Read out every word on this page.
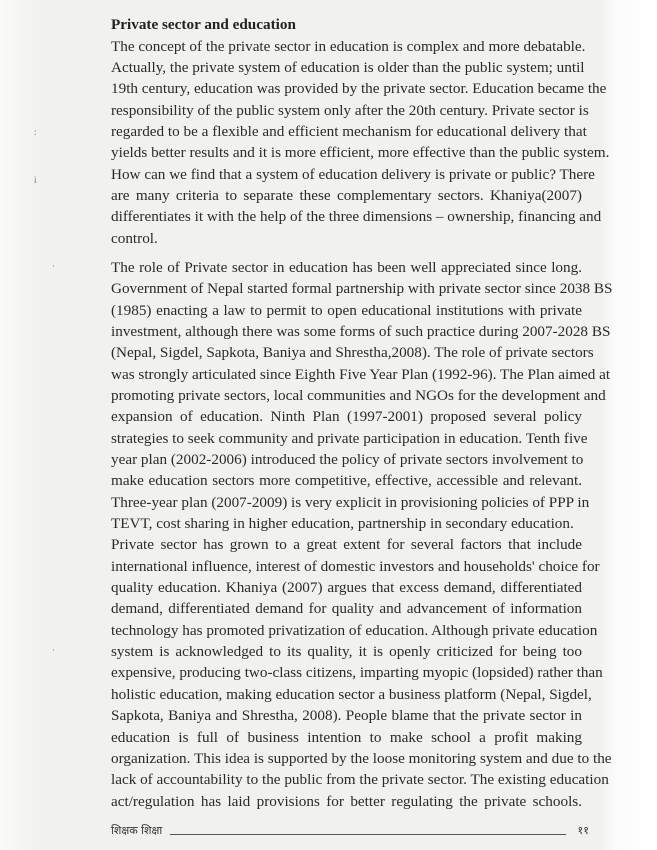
:
i
·
·
Private sector and education

The concept of the private sector in education is complex and more debatable.
Actually, the private system of education is older than the public system; until
19th century, education was provided by the private sector. Education became the
responsibility of the public system only after the 20th century. Private sector is
regarded to be a flexible and efficient mechanism for educational delivery that
yields better results and it is more efficient, more effective than the public system.
How can we find that a system of education delivery is private or public? There
are many criteria to separate these complementary sectors. Khaniya(2007)
differentiates it with the help of the three dimensions – ownership, financing and
control.

The role of Private sector in education has been well appreciated since long.
Government of Nepal started formal partnership with private sector since 2038 BS
(1985) enacting a law to permit to open educational institutions with private
investment, although there was some forms of such practice during 2007-2028 BS
(Nepal, Sigdel, Sapkota, Baniya and Shrestha,2008). The role of private sectors
was strongly articulated since Eighth Five Year Plan (1992-96). The Plan aimed at
promoting private sectors, local communities and NGOs for the development and
expansion of education. Ninth Plan (1997-2001) proposed several policy
strategies to seek community and private participation in education. Tenth five
year plan (2002-2006) introduced the policy of private sectors involvement to
make education sectors more competitive, effective, accessible and relevant.
Three-year plan (2007-2009) is very explicit in provisioning policies of PPP in
TEVT, cost sharing in higher education, partnership in secondary education.

Private sector has grown to a great extent for several factors that include
international influence, interest of domestic investors and households' choice for
quality education. Khaniya (2007) argues that excess demand, differentiated
demand, differentiated demand for quality and advancement of information
technology has promoted privatization of education. Although private education
system is acknowledged to its quality, it is openly criticized for being too
expensive, producing two-class citizens, imparting myopic (lopsided) rather than
holistic education, making education sector a business platform (Nepal, Sigdel,
Sapkota, Baniya and Shrestha, 2008). People blame that the private sector in
education is full of business intention to make school a profit making
organization. This idea is supported by the loose monitoring system and due to the
lack of accountability to the public from the private sector. The existing education
act/regulation has laid provisions for better regulating the private schools.

शिक्षक शिक्षा	११
